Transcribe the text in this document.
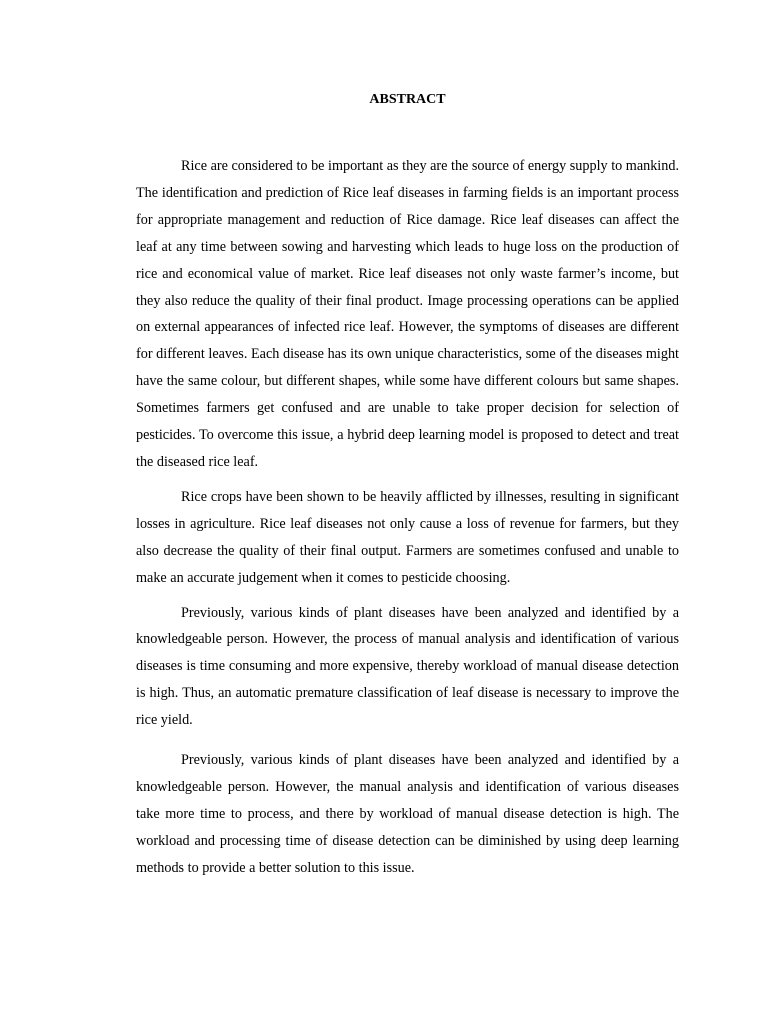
ABSTRACT

Rice are considered to be important as they are the source of energy supply to mankind. The identification and prediction of Rice leaf diseases in farming fields is an important process for appropriate management and reduction of Rice damage. Rice leaf diseases can affect the leaf at any time between sowing and harvesting which leads to huge loss on the production of rice and economical value of market. Rice leaf diseases not only waste farmer’s income, but they also reduce the quality of their final product. Image processing operations can be applied on external appearances of infected rice leaf. However, the symptoms of diseases are different for different leaves. Each disease has its own unique characteristics, some of the diseases might have the same colour, but different shapes, while some have different colours but same shapes. Sometimes farmers get confused and are unable to take proper decision for selection of pesticides. To overcome this issue, a hybrid deep learning model is proposed to detect and treat the diseased rice leaf.

Rice crops have been shown to be heavily afflicted by illnesses, resulting in significant losses in agriculture. Rice leaf diseases not only cause a loss of revenue for farmers, but they also decrease the quality of their final output. Farmers are sometimes confused and unable to make an accurate judgement when it comes to pesticide choosing.

Previously, various kinds of plant diseases have been analyzed and identified by a knowledgeable person. However, the process of manual analysis and identification of various diseases is time consuming and more expensive, thereby workload of manual disease detection is high. Thus, an automatic premature classification of leaf disease is necessary to improve the rice yield.

Previously, various kinds of plant diseases have been analyzed and identified by a knowledgeable person. However, the manual analysis and identification of various diseases take more time to process, and there by workload of manual disease detection is high. The workload and processing time of disease detection can be diminished by using deep learning methods to provide a better solution to this issue.
